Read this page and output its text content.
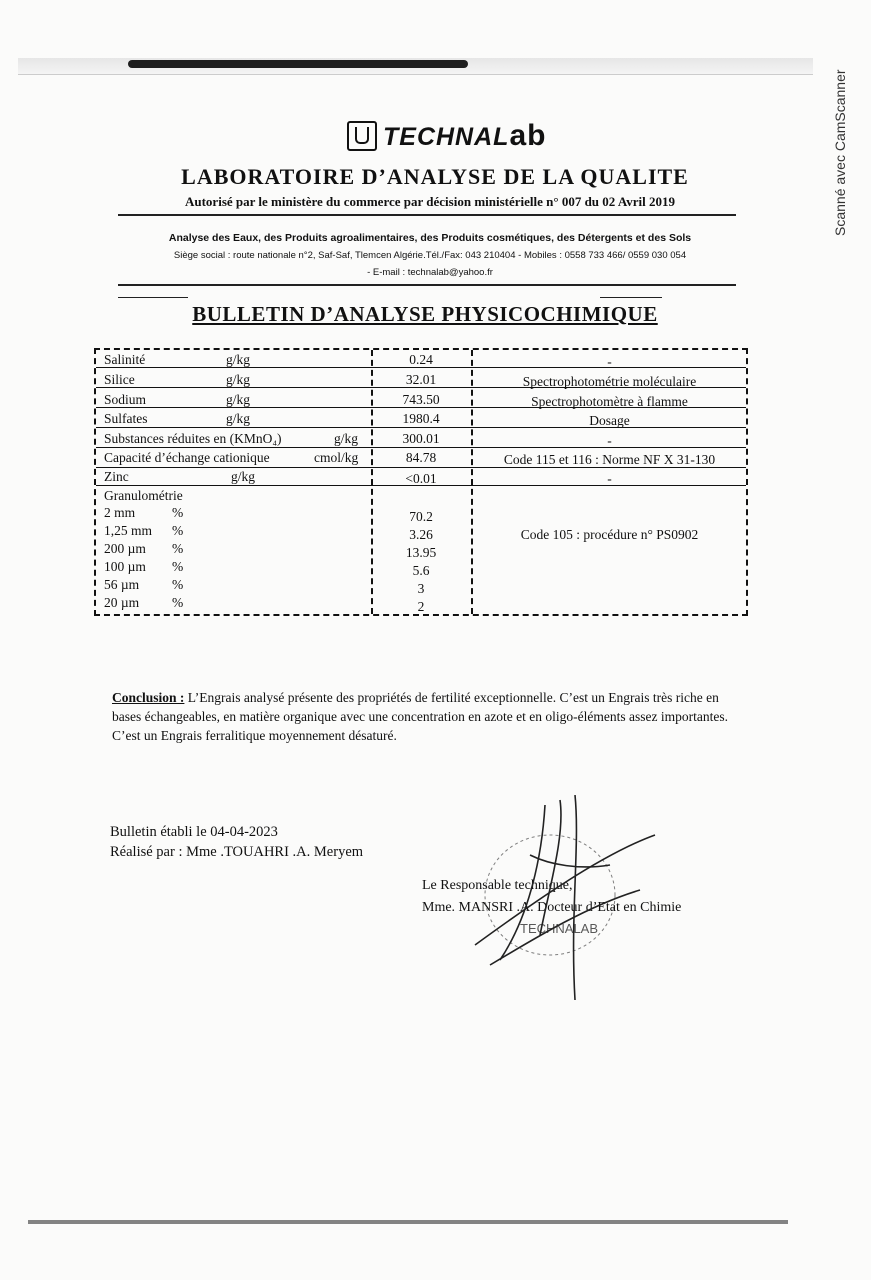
Scanné avec CamScanner
TECHNALab
LABORATOIRE D’ANALYSE DE LA QUALITE
Autorisé par le ministère du commerce par décision ministérielle n° 007 du 02 Avril 2019
Analyse des Eaux, des Produits agroalimentaires, des Produits cosmétiques, des Détergents et des Sols
Siège social : route nationale n°2, Saf-Saf, Tlemcen Algérie.Tél./Fax: 043 210404 - Mobiles : 0558 733 466/ 0559 030 054
- E-mail : technalab@yahoo.fr
BULLETIN D’ANALYSE PHYSICOCHIMIQUE
Salinité	g/kg	0.24	-
Silice	g/kg	32.01	Spectrophotométrie moléculaire
Sodium	g/kg	743.50	Spectrophotomètre à flamme
Sulfates	g/kg	1980.4	Dosage
Substances réduites en (KMnO₄)	g/kg	300.01	-
Capacité d’échange cationique	cmol/kg	84.78	Code 115 et 116 : Norme NF X 31-130
Zinc	g/kg	<0.01	-
Granulométrie
Code 105 : procédure n° PS0902
2 mm	%	70.2
1,25 mm %	3.26
200 µm %	13.95
100 µm %	5.6
56 µm %	3
20 µm %	2
Conclusion : L’Engrais analysé présente des propriétés de fertilité exceptionnelle. C’est un Engrais très riche en bases échangeables, en matière organique avec une concentration en azote et en oligo-éléments assez importantes. C’est un Engrais ferralitique moyennement désaturé.
Bulletin établi le 04-04-2023
Réalisé par : Mme .TOUAHRI .A. Meryem
Le Responsable technique,
Mme. MANSRI .A. Docteur d’Etat en Chimie
TECHNALAB
